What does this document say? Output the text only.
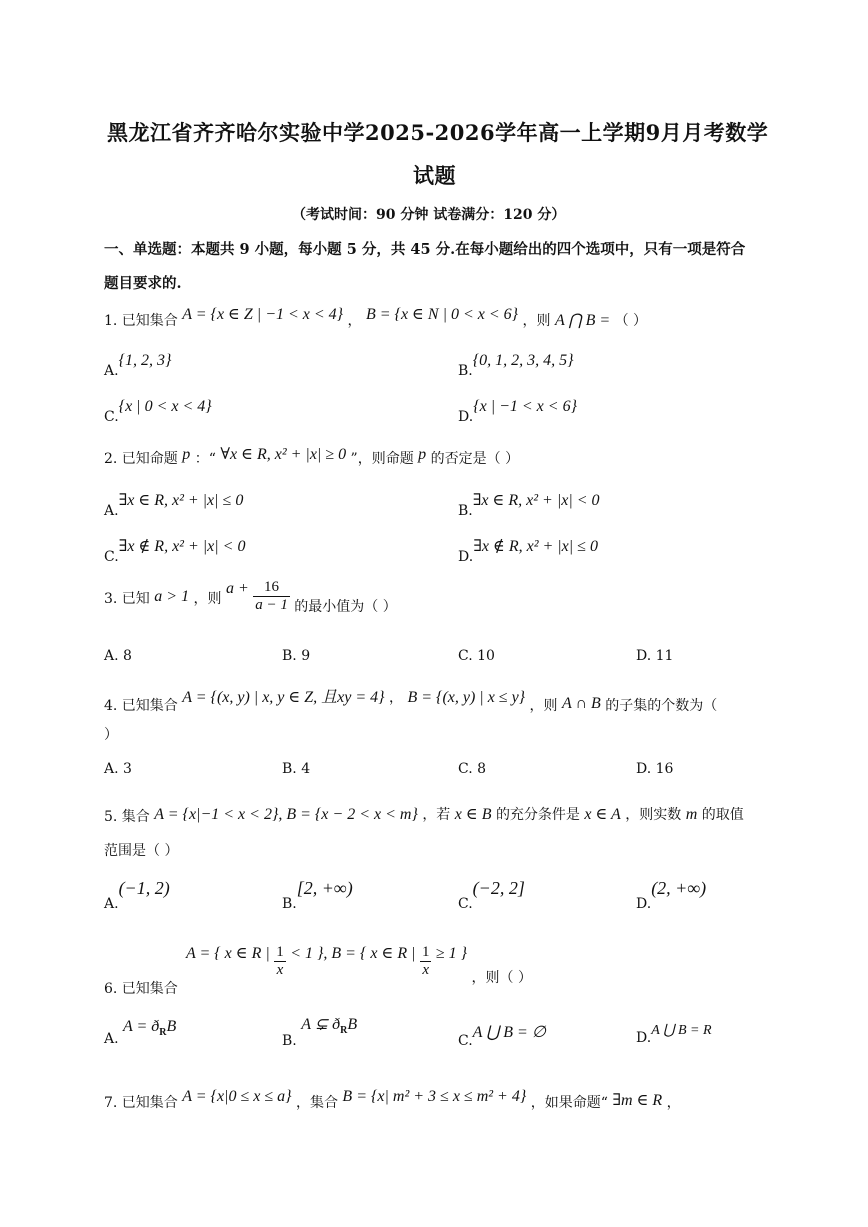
黑龙江省齐齐哈尔实验中学2025-2026学年高一上学期9月月考数学
试题
（考试时间：90 分钟 试卷满分：120 分）
一、单选题：本题共 9 小题，每小题 5 分，共 45 分.在每小题给出的四个选项中，只有一项是符合
题目要求的.
1. 已知集合 A = {x ∈ Z | −1 < x < 4} ， B = {x ∈ N | 0 < x < 6} ，则 A ⋂ B = （ ）
A.{1, 2, 3}
B.{0, 1, 2, 3, 4, 5}
C.{x | 0 < x < 4}
D.{x | −1 < x < 6}
2. 已知命题 p ：“ ∀x ∈ R, x² + |x| ≥ 0 ”，则命题 p 的否定是（ ）
A.∃x ∈ R, x² + |x| ≤ 0
B.∃x ∈ R, x² + |x| < 0
C.∃x ∉ R, x² + |x| < 0
D.∃x ∉ R, x² + |x| ≤ 0
3. 已知 a > 1 ，则 $a + \frac{16}{a - 1}$ 的最小值为（ ）
A. 8	B. 9	C. 10	D. 11
4. 已知集合 A = {(x, y) | x, y ∈ Z, 且xy = 4} ， B = {(x, y) | x ≤ y} ，则 A ∩ B 的子集的个数为（
）
A. 3	B. 4	C. 8	D. 16
5. 集合 A = {x|−1 < x < 2}, B = {x − 2 < x < m} ，若 x ∈ B 的充分条件是 x ∈ A ，则实数 m 的取值
范围是（ ）
A.(−1, 2)
B.[2, +∞)
C.(−2, 2]
D.(2, +∞)
6. 已知集合
A = { x ∈ R | $\frac{1}{x} < 1$ }, B = { x ∈ R | $\frac{1}{x} \ge 1$ } ，则（ ）
A. $A = ð_RB$
B. A ⊊ $ð_RB$
C.A ⋃ B = ∅	D.A ⋃ B = R
7. 已知集合 A = {x|0 ≤ x ≤ a} ，集合 B = {x| m² + 3 ≤ x ≤ m² + 4} ，如果命题“ ∃m ∈ R ，
